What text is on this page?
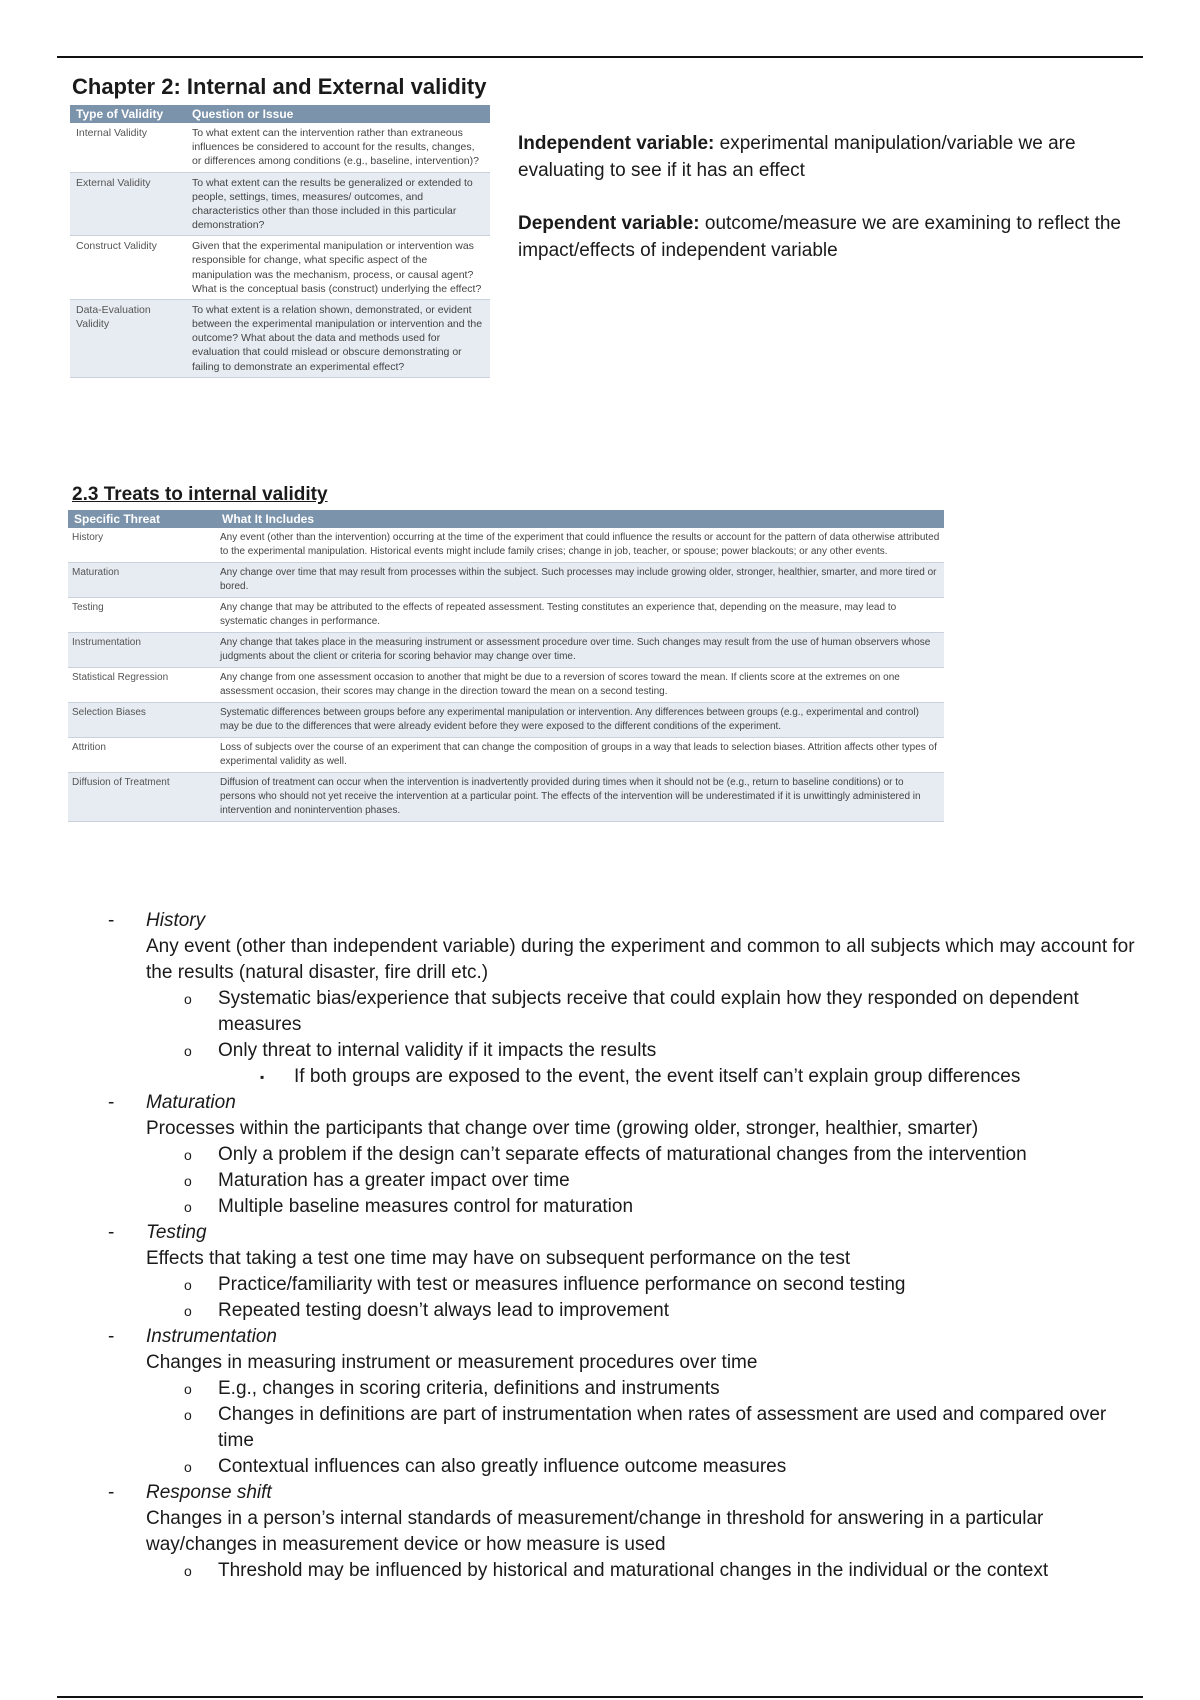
Chapter 2: Internal and External validity
Type of Validity	Question or Issue
Internal Validity	To what extent can the intervention rather than extraneous influences be considered to account for the results, changes, or differences among conditions (e.g., baseline, intervention)?
External Validity	To what extent can the results be generalized or extended to people, settings, times, measures/ outcomes, and characteristics other than those included in this particular demonstration?
Construct Validity	Given that the experimental manipulation or intervention was responsible for change, what specific aspect of the manipulation was the mechanism, process, or causal agent? What is the conceptual basis (construct) underlying the effect?
Data-Evaluation Validity	To what extent is a relation shown, demonstrated, or evident between the experimental manipulation or intervention and the outcome? What about the data and methods used for evaluation that could mislead or obscure demonstrating or failing to demonstrate an experimental effect?

Independent variable: experimental manipulation/variable we are evaluating to see if it has an effect

Dependent variable: outcome/measure we are examining to reflect the impact/effects of independent variable

2.3 Treats to internal validity
Specific Threat	What It Includes
History	Any event (other than the intervention) occurring at the time of the experiment that could influence the results or account for the pattern of data otherwise attributed to the experimental manipulation. Historical events might include family crises; change in job, teacher, or spouse; power blackouts; or any other events.
Maturation	Any change over time that may result from processes within the subject. Such processes may include growing older, stronger, healthier, smarter, and more tired or bored.
Testing	Any change that may be attributed to the effects of repeated assessment. Testing constitutes an experience that, depending on the measure, may lead to systematic changes in performance.
Instrumentation	Any change that takes place in the measuring instrument or assessment procedure over time. Such changes may result from the use of human observers whose judgments about the client or criteria for scoring behavior may change over time.
Statistical Regression	Any change from one assessment occasion to another that might be due to a reversion of scores toward the mean. If clients score at the extremes on one assessment occasion, their scores may change in the direction toward the mean on a second testing.
Selection Biases	Systematic differences between groups before any experimental manipulation or intervention. Any differences between groups (e.g., experimental and control) may be due to the differences that were already evident before they were exposed to the different conditions of the experiment.
Attrition	Loss of subjects over the course of an experiment that can change the composition of groups in a way that leads to selection biases. Attrition affects other types of experimental validity as well.
Diffusion of Treatment	Diffusion of treatment can occur when the intervention is inadvertently provided during times when it should not be (e.g., return to baseline conditions) or to persons who should not yet receive the intervention at a particular point. The effects of the intervention will be underestimated if it is unwittingly administered in intervention and nonintervention phases.
- History
Any event (other than independent variable) during the experiment and common to all subjects which may account for the results (natural disaster, fire drill etc.)
o Systematic bias/experience that subjects receive that could explain how they responded on dependent measures
o Only threat to internal validity if it impacts the results
▪ If both groups are exposed to the event, the event itself can’t explain group differences
- Maturation
Processes within the participants that change over time (growing older, stronger, healthier, smarter)
o Only a problem if the design can’t separate effects of maturational changes from the intervention
o Maturation has a greater impact over time
o Multiple baseline measures control for maturation
- Testing
Effects that taking a test one time may have on subsequent performance on the test
o Practice/familiarity with test or measures influence performance on second testing
o Repeated testing doesn’t always lead to improvement
- Instrumentation
Changes in measuring instrument or measurement procedures over time
o E.g., changes in scoring criteria, definitions and instruments
o Changes in definitions are part of instrumentation when rates of assessment are used and compared over time
o Contextual influences can also greatly influence outcome measures
- Response shift
Changes in a person’s internal standards of measurement/change in threshold for answering in a particular way/changes in measurement device or how measure is used
o Threshold may be influenced by historical and maturational changes in the individual or the context
